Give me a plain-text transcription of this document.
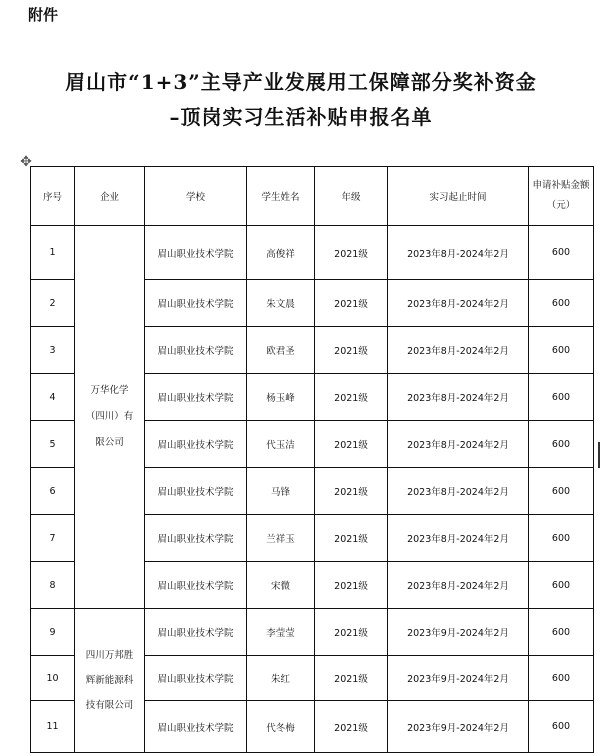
附件
眉山市“1+3”主导产业发展用工保障部分奖补资金
–顶岗实习生活补贴申报名单
✥
序号	企业	学校	学生姓名	年级	实习起止时间	申请补贴金额（元）
1	万华化学（四川）有限公司	眉山职业技术学院	高俊祥	2021级	2023年8月-2024年2月	600
2		眉山职业技术学院	朱文晨	2021级	2023年8月-2024年2月	600
3		眉山职业技术学院	欧君圣	2021级	2023年8月-2024年2月	600
4		眉山职业技术学院	杨玉峰	2021级	2023年8月-2024年2月	600
5		眉山职业技术学院	代玉洁	2021级	2023年8月-2024年2月	600
6		眉山职业技术学院	马锋	2021级	2023年8月-2024年2月	600
7		眉山职业技术学院	兰祥玉	2021级	2023年8月-2024年2月	600
8		眉山职业技术学院	宋微	2021级	2023年8月-2024年2月	600
9	四川万邦胜辉新能源科技有限公司	眉山职业技术学院	李莹莹	2021级	2023年9月-2024年2月	600
10		眉山职业技术学院	朱红	2021级	2023年9月-2024年2月	600
11		眉山职业技术学院	代冬梅	2021级	2023年9月-2024年2月	600
